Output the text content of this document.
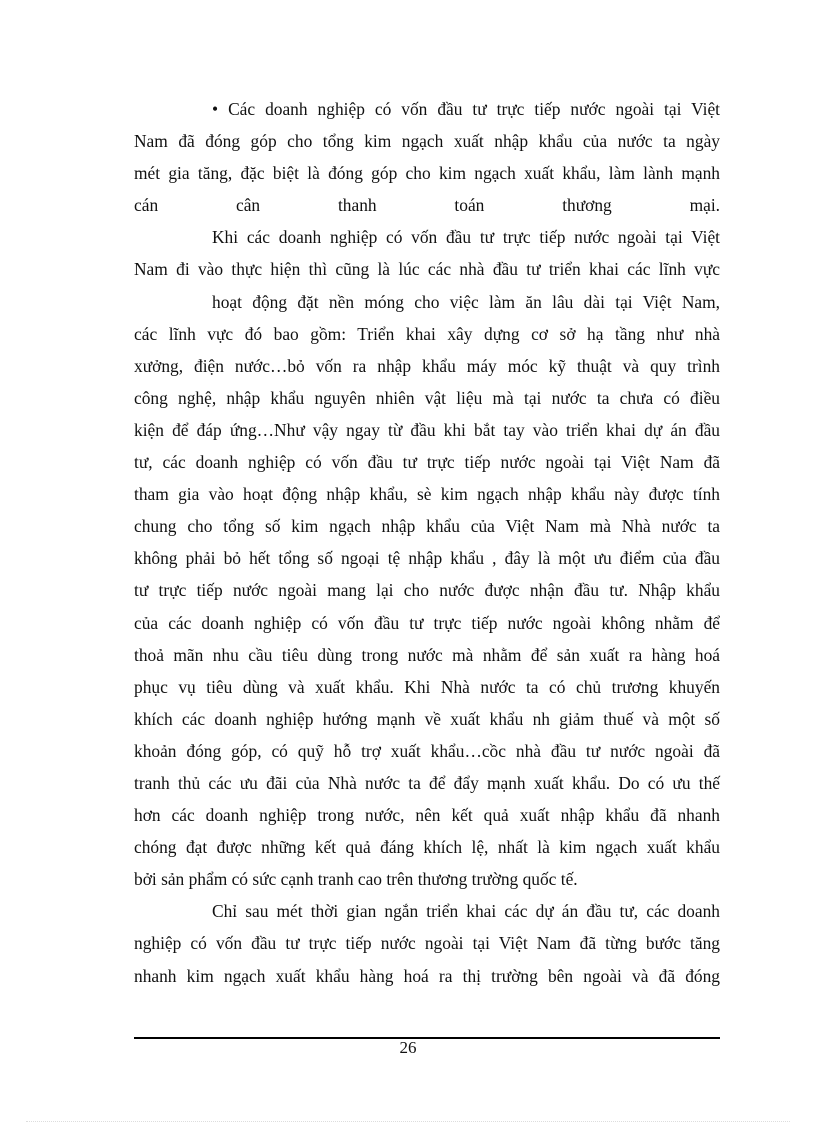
• Các doanh nghiệp có vốn đầu tư trực tiếp nước ngoài tại Việt
Nam đã đóng góp cho tổng kim ngạch xuất nhập khẩu của nước ta ngày
mét gia tăng, đặc biệt là đóng góp cho kim ngạch xuất khẩu, làm lành mạnh
cán cân thanh toán thương mại.
Khi các doanh nghiệp có vốn đầu tư trực tiếp nước ngoài tại Việt
Nam đi vào thực hiện thì cũng là lúc các nhà đầu tư triển khai các lĩnh vực
hoạt động đặt nền móng cho việc làm ăn lâu dài tại Việt Nam,
các lĩnh vực đó bao gồm: Triển khai xây dựng cơ sở hạ tầng như nhà
xưởng, điện nước…bỏ vốn ra nhập khẩu máy móc kỹ thuật và quy trình
công nghệ, nhập khẩu nguyên nhiên vật liệu mà tại nước ta chưa có điều
kiện để đáp ứng…Như vậy ngay từ đầu khi bắt tay vào triển khai dự án đầu
tư, các doanh nghiệp có vốn đầu tư trực tiếp nước ngoài tại Việt Nam đã
tham gia vào hoạt động nhập khẩu, sè kim ngạch nhập khẩu này được tính
chung cho tổng số kim ngạch nhập khẩu của Việt Nam mà Nhà nước ta
không phải bỏ hết tổng số ngoại tệ nhập khẩu , đây là một ưu điểm của đầu
tư trực tiếp nước ngoài mang lại cho nước được nhận đầu tư. Nhập khẩu
của các doanh nghiệp có vốn đầu tư trực tiếp nước ngoài không nhằm để
thoả mãn nhu cầu tiêu dùng trong nước mà nhằm để sản xuất ra hàng hoá
phục vụ tiêu dùng và xuất khẩu. Khi Nhà nước ta có chủ trương khuyến
khích các doanh nghiệp hướng mạnh về xuất khẩu nh giảm thuế và một số
khoản đóng góp, có quỹ hỗ trợ xuất khẩu…cồc nhà đầu tư nước ngoài đã
tranh thủ các ưu đãi của Nhà nước ta để đẩy mạnh xuất khẩu. Do có ưu thế
hơn các doanh nghiệp trong nước, nên kết quả xuất nhập khẩu đã nhanh
chóng đạt được những kết quả đáng khích lệ, nhất là kim ngạch xuất khẩu
bởi sản phẩm có sức cạnh tranh cao trên thương trường quốc tế.
Chỉ sau mét thời gian ngắn triển khai các dự án đầu tư, các doanh
nghiệp có vốn đầu tư trực tiếp nước ngoài tại Việt Nam đã từng bước tăng
nhanh kim ngạch xuất khẩu hàng hoá ra thị trường bên ngoài và đã đóng
26
